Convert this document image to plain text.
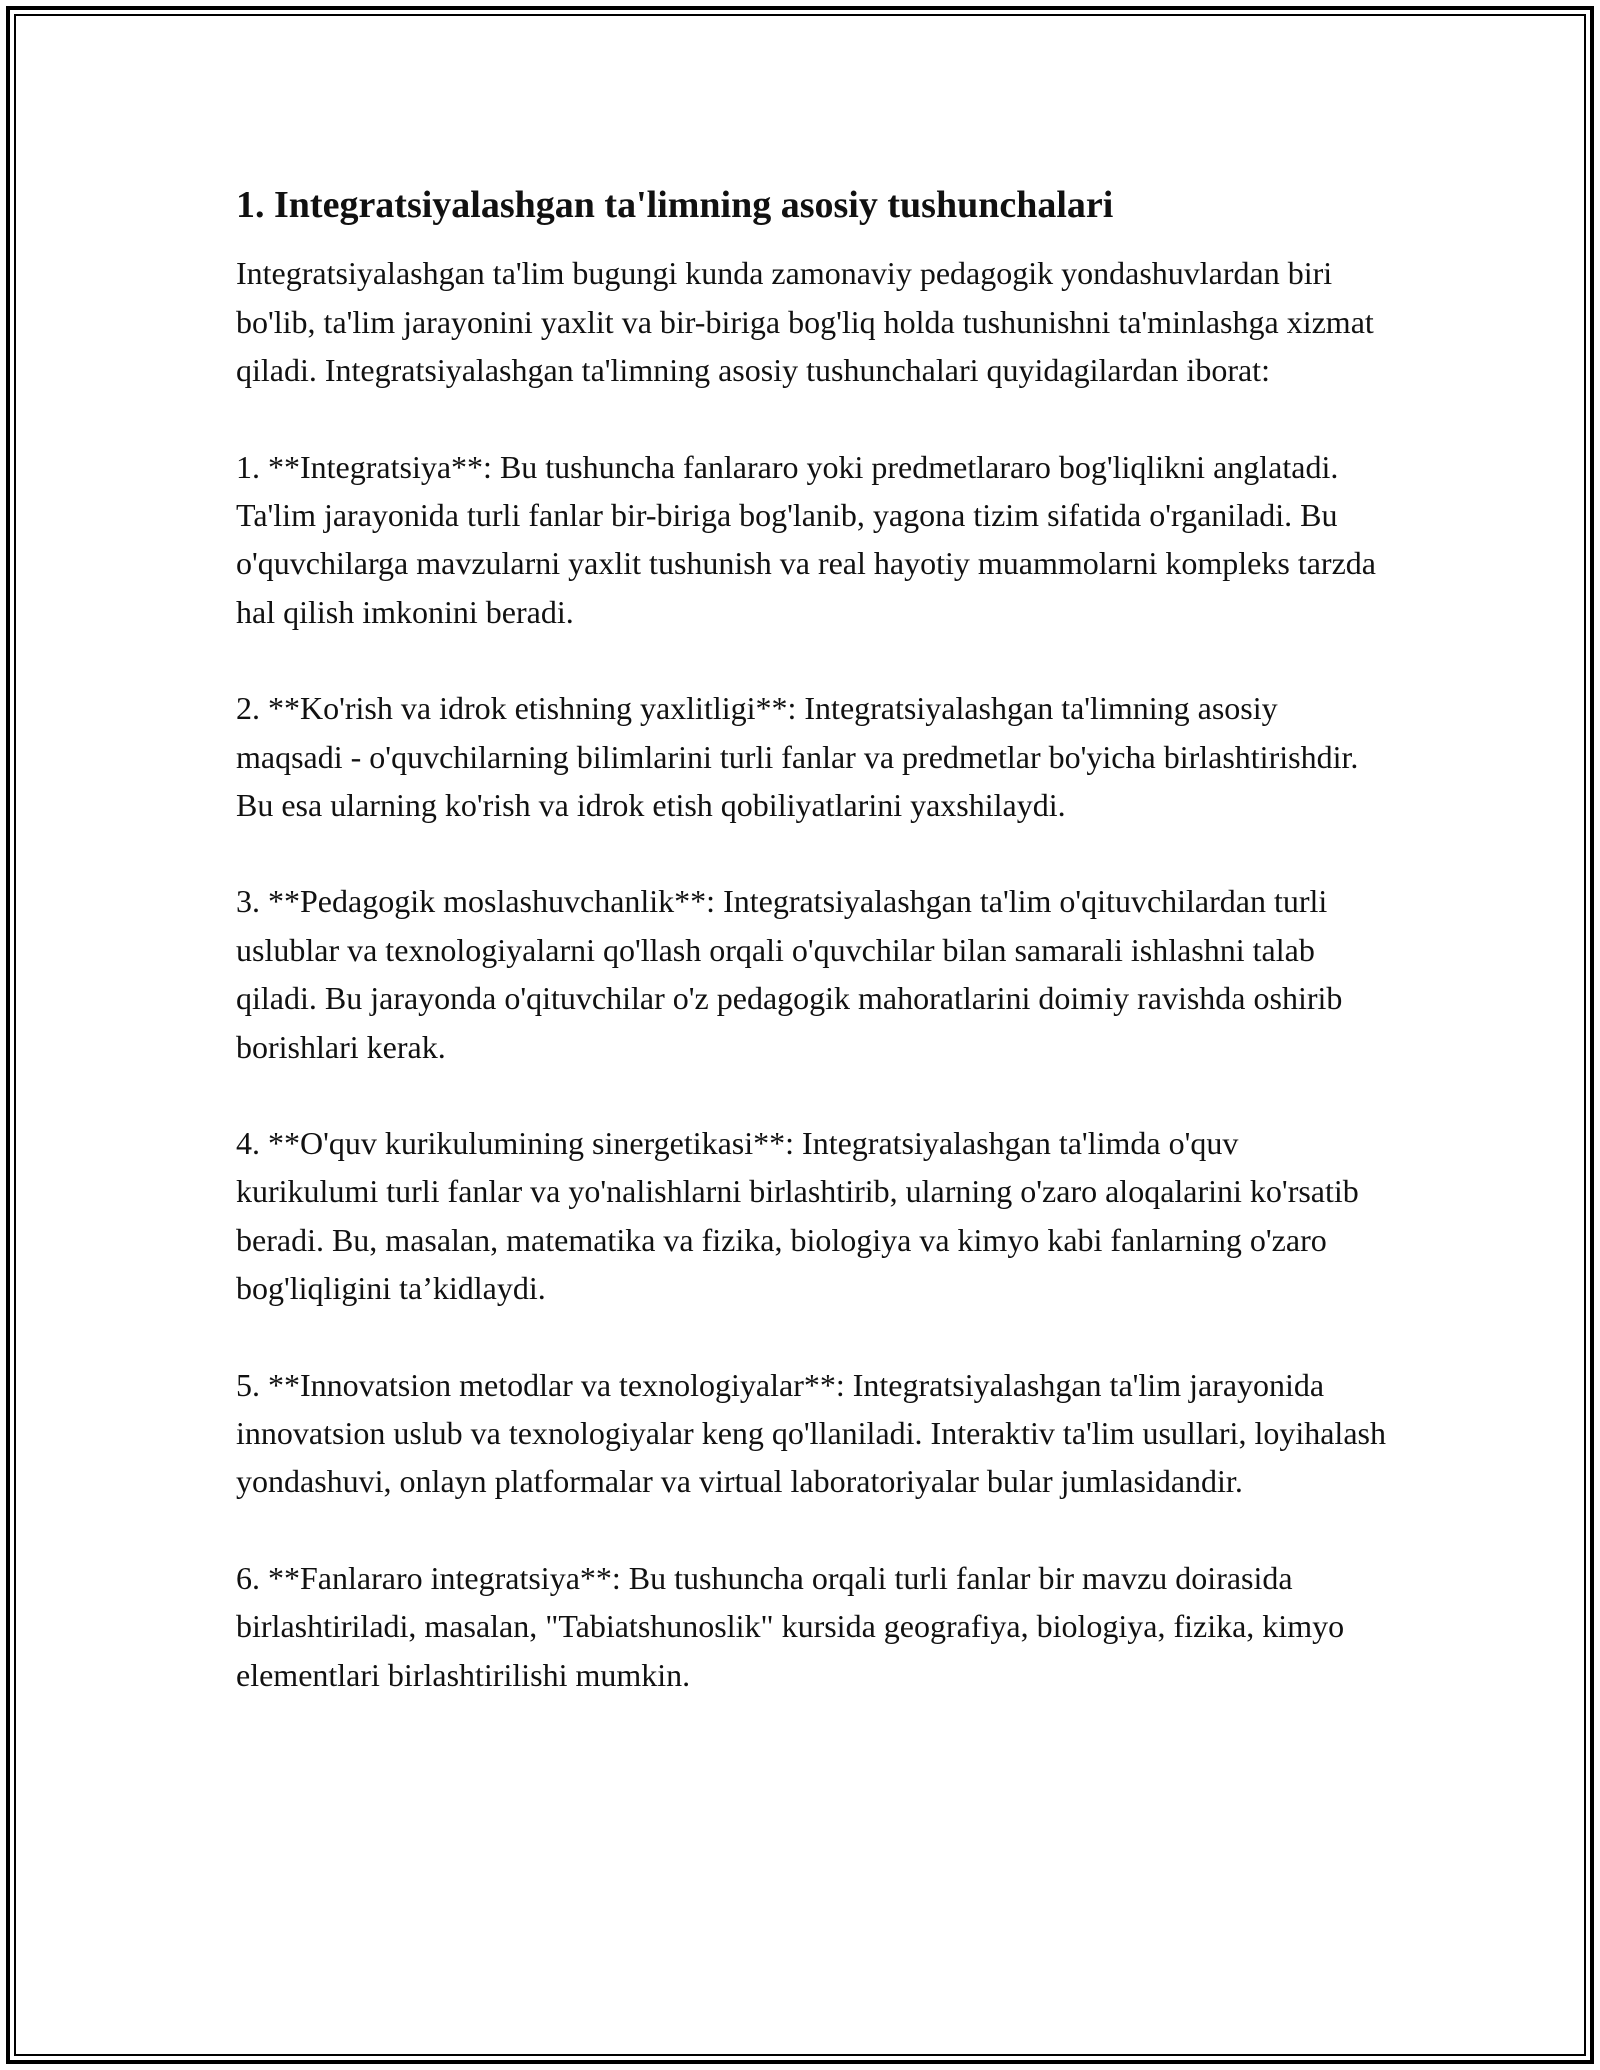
1. Integratsiyalashgan ta'limning asosiy tushunchalari

Integratsiyalashgan ta'lim bugungi kunda zamonaviy pedagogik yondashuvlardan biri bo'lib, ta'lim jarayonini yaxlit va bir-biriga bog'liq holda tushunishni ta'minlashga xizmat qiladi. Integratsiyalashgan ta'limning asosiy tushunchalari quyidagilardan iborat:

1. **Integratsiya**: Bu tushuncha fanlararo yoki predmetlararo bog'liqlikni anglatadi. Ta'lim jarayonida turli fanlar bir-biriga bog'lanib, yagona tizim sifatida o'rganiladi. Bu o'quvchilarga mavzularni yaxlit tushunish va real hayotiy muammolarni kompleks tarzda hal qilish imkonini beradi.

2. **Ko'rish va idrok etishning yaxlitligi**: Integratsiyalashgan ta'limning asosiy maqsadi - o'quvchilarning bilimlarini turli fanlar va predmetlar bo'yicha birlashtirishdir. Bu esa ularning ko'rish va idrok etish qobiliyatlarini yaxshilaydi.

3. **Pedagogik moslashuvchanlik**: Integratsiyalashgan ta'lim o'qituvchilardan turli uslublar va texnologiyalarni qo'llash orqali o'quvchilar bilan samarali ishlashni talab qiladi. Bu jarayonda o'qituvchilar o'z pedagogik mahoratlarini doimiy ravishda oshirib borishlari kerak.

4. **O'quv kurikulumining sinergetikasi**: Integratsiyalashgan ta'limda o'quv kurikulumi turli fanlar va yo'nalishlarni birlashtirib, ularning o'zaro aloqalarini ko'rsatib beradi. Bu, masalan, matematika va fizika, biologiya va kimyo kabi fanlarning o'zaro bog'liqligini ta’kidlaydi.

5. **Innovatsion metodlar va texnologiyalar**: Integratsiyalashgan ta'lim jarayonida innovatsion uslub va texnologiyalar keng qo'llaniladi. Interaktiv ta'lim usullari, loyihalash yondashuvi, onlayn platformalar va virtual laboratoriyalar bular jumlasidandir.

6. **Fanlararo integratsiya**: Bu tushuncha orqali turli fanlar bir mavzu doirasida birlashtiriladi, masalan, "Tabiatshunoslik" kursida geografiya, biologiya, fizika, kimyo elementlari birlashtirilishi mumkin.
